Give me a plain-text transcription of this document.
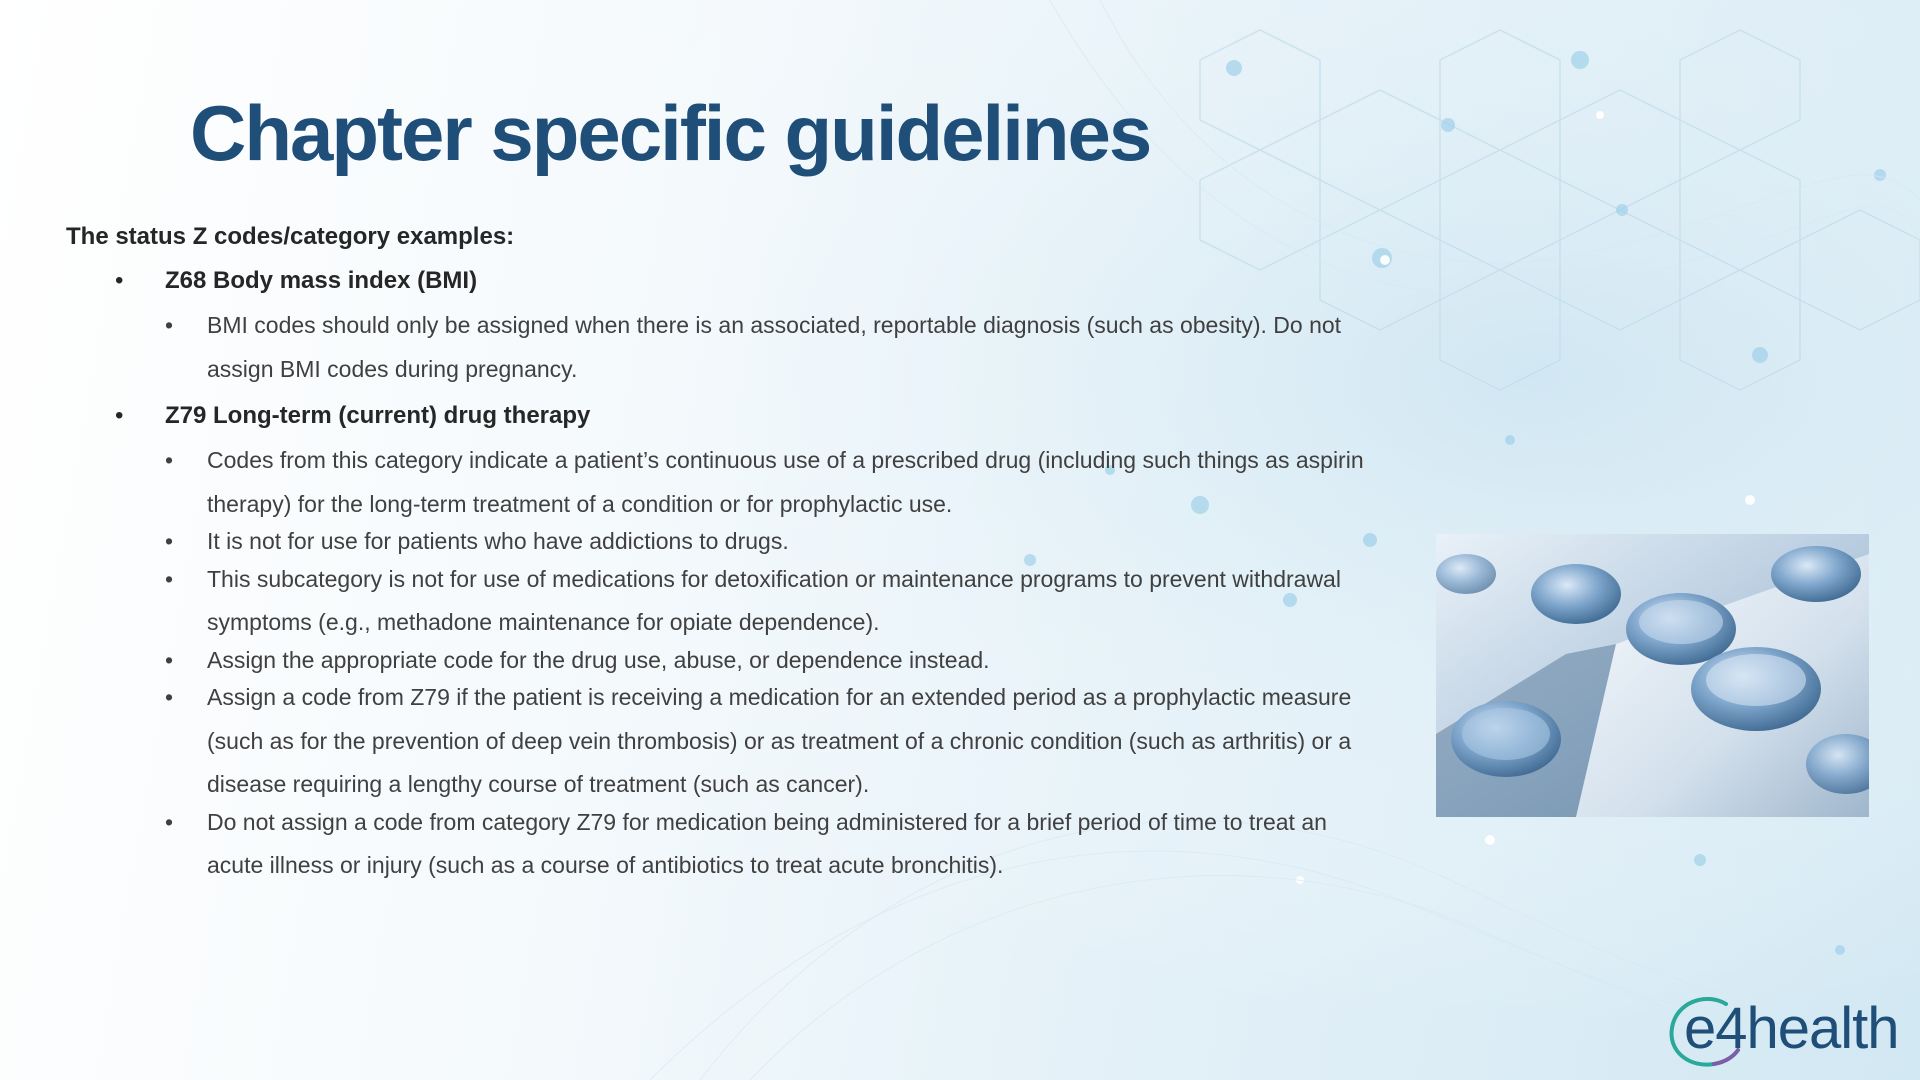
Chapter specific guidelines
The status Z codes/category examples:
• Z68 Body mass index (BMI)
• BMI codes should only be assigned when there is an associated, reportable diagnosis (such as obesity). Do not assign BMI codes during pregnancy.
• Z79 Long-term (current) drug therapy
• Codes from this category indicate a patient’s continuous use of a prescribed drug (including such things as aspirin therapy) for the long-term treatment of a condition or for prophylactic use.
• It is not for use for patients who have addictions to drugs.
• This subcategory is not for use of medications for detoxification or maintenance programs to prevent withdrawal symptoms (e.g., methadone maintenance for opiate dependence).
• Assign the appropriate code for the drug use, abuse, or dependence instead.
• Assign a code from Z79 if the patient is receiving a medication for an extended period as a prophylactic measure (such as for the prevention of deep vein thrombosis) or as treatment of a chronic condition (such as arthritis) or a disease requiring a lengthy course of treatment (such as cancer).
• Do not assign a code from category Z79 for medication being administered for a brief period of time to treat an acute illness or injury (such as a course of antibiotics to treat acute bronchitis).
e4health
